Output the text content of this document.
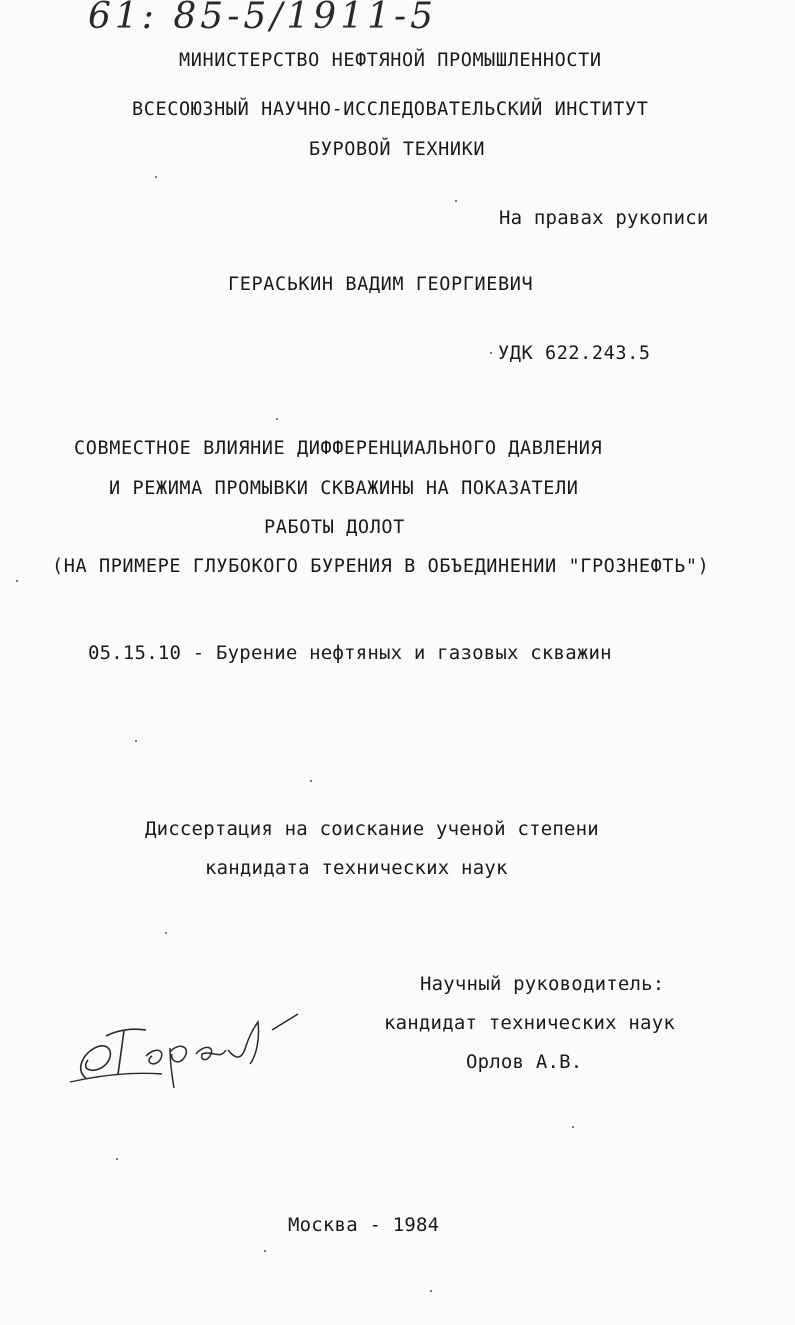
61: 85-5/1911-5
МИНИСТЕРСТВО НЕФТЯНОЙ ПРОМЫШЛЕННОСТИ
ВСЕСОЮЗНЫЙ НАУЧНО-ИССЛЕДОВАТЕЛЬСКИЙ ИНСТИТУТ
БУРОВОЙ ТЕХНИКИ
На правах рукописи
ГЕРАСЬКИН ВАДИМ ГЕОРГИЕВИЧ
УДК 622.243.5
СОВМЕСТНОЕ ВЛИЯНИЕ ДИФФЕРЕНЦИАЛЬНОГО ДАВЛЕНИЯ
И РЕЖИМА ПРОМЫВКИ СКВАЖИНЫ НА ПОКАЗАТЕЛИ
РАБОТЫ ДОЛОТ
(НА ПРИМЕРЕ ГЛУБОКОГО БУРЕНИЯ В ОБЪЕДИНЕНИИ "ГРОЗНЕФТЬ")
05.15.10 - Бурение нефтяных и газовых скважин
Диссертация на соискание ученой степени
кандидата технических наук
Научный руководитель:
кандидат технических наук
Орлов А.В.
Москва - 1984
